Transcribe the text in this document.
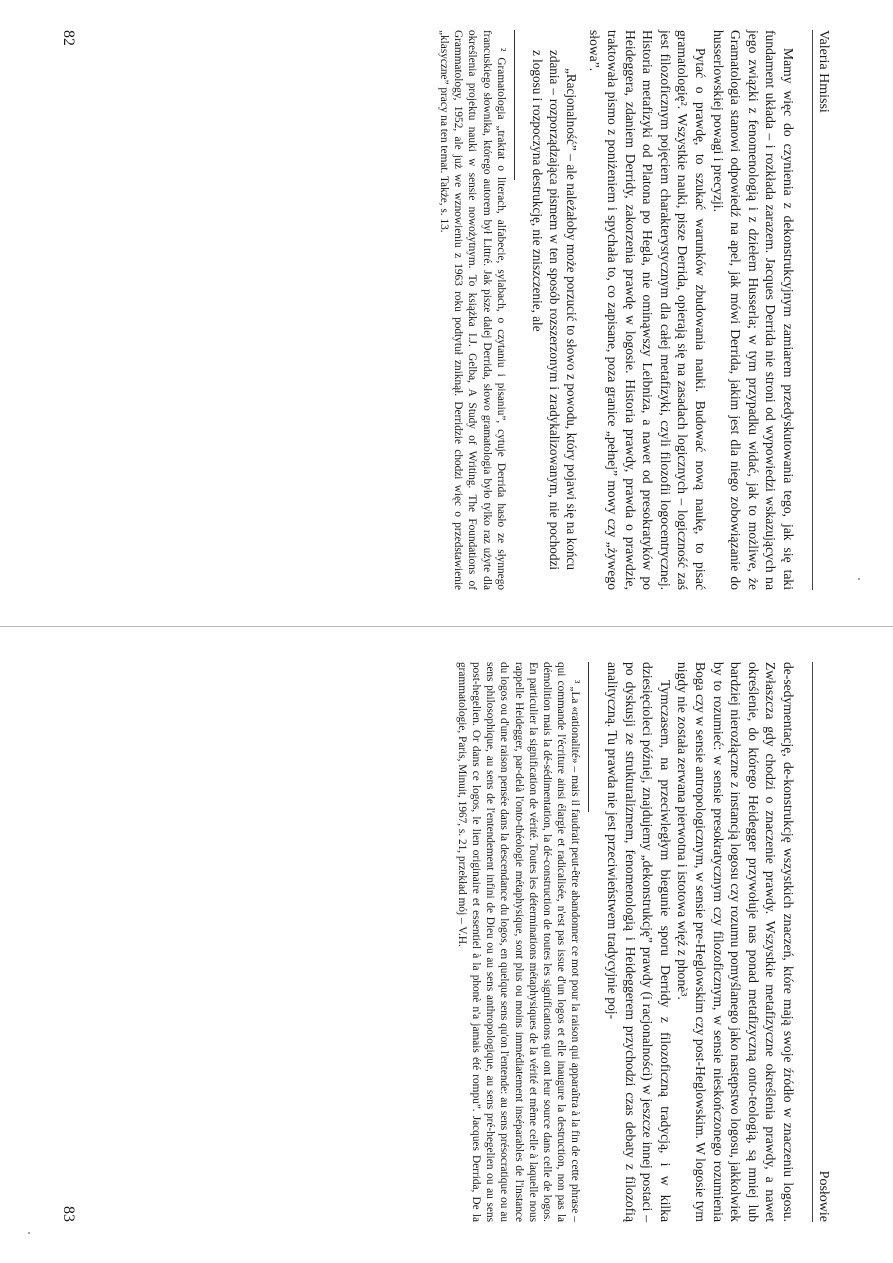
Valeria Hmissi

Mamy więc do czynienia z dekonstrukcyjnym zamiarem przedyskutowania tego, jak się taki fundament układa – i rozkłada zarazem. Jacques Derrida nie stroni od wypowiedzi wskazujących na jego związki z fenomenologią i z dziełem Husserla; w tym przypadku widać, jak to możliwe, że Gramatologia stanowi odpowiedź na apel, jak mówi Derrida, jakim jest dla niego zobowiązanie do husserlowskiej powagi i precyzji.

Pytać o prawdę, to szukać warunków zbudowania nauki. Budować nową naukę, to pisać gramatologię². Wszystkie nauki, pisze Derrida, opierają się na zasadach logicznych – logiczność zaś jest filozoficznym pojęciem charakterystycznym dla całej metafizyki, czyli filozofii logocentrycznej. Historia metafizyki od Platona po Hegla, nie ominąwszy Leibniza, a nawet od presokratyków po Heideggera, zdaniem Derridy, zakorzenia prawdę w logosie. Historia prawdy, prawda o prawdzie, traktowała pismo z poniżeniem i spychała to, co zapisane, poza granice „pełnej” mowy czy „żywego słowa”.

„Racjonalność” – ale należałoby może porzucić to słowo z powodu, który pojawi się na końcu zdania – rozporządzająca pismem w ten sposób rozszerzonym i zradykalizowanym, nie pochodzi z logosu i rozpoczyna destrukcję, nie zniszczenie, ale

² Gramatologia „traktat o literach, alfabecie, sylabach, o czytaniu i pisaniu”, cytuje Derrida hasło ze słynnego francuskiego słownika, którego autorem był Littré. Jak pisze dalej Derrida, słowo gramatologia było tylko raz użyte dla określenia projektu nauki w sensie nowożytnym. To książka I.J. Gelba, A Study of Writing. The Foundations of Grammatology, 1952, ale już we wznowieniu z 1963 roku podtytuł zniknął. Derridzie chodzi więc o przedstawienie „klasyczne” pracy na ten temat. Także, s. 13.

82
Posłowie

de-sedymentację, de-konstrukcję wszystkich znaczeń, które mają swoje źródło w znaczeniu logosu. Zwłaszcza gdy chodzi o znaczenie prawdy. Wszystkie metafizyczne określenia prawdy, a nawet określenie, do którego Heidegger przywołuje nas ponad metafizyczną onto-teologią, są mniej lub bardziej nierozłączne z instancją logosu czy rozumu pomyślanego jako następstwo logosu, jakkolwiek by to rozumieć: w sensie presokratycznym czy filozoficznym, w sensie nieskończonego rozumienia Boga czy w sensie antropologicznym, w sensie pre-Heglowskim czy post-Heglowskim. W logosie tym nigdy nie została zerwana pierwotna i istotowa więź z phonè³.

Tymczasem, na przeciwległym biegunie sporu Derridy z filozoficzną tradycją, i w kilka dziesięcioleci później, znajdujemy „dekonstrukcję” prawdy (i racjonalności) w jeszcze innej postaci – po dyskusji ze strukturalizmem, fenomenologią i Heideggerem przychodzi czas debaty z filozofią analityczną. Tu prawda nie jest przeciwieństwem tradycyjnie poj-

³ „La «rationalité» – mais il faudrait peut-être abandonner ce mot pour la raison qui apparaîtra à la fin de cette phrase – qui commande l'écriture ainsi élargie et radicalisée, n'est pas issue d'un logos et elle inaugure la destruction, non pas la démolition mais la dé-sédimentation, la dé-construction de toutes les significations qui ont leur source dans celle de logos. En particulier la signification de vérité. Toutes les déterminations métaphysiques de la vérité et même celle à laquelle nous rappelle Heidegger, par-delà l'onto-théologie métaphysique, sont plus ou moins immédiatement inséparables de l'instance du logos ou d'une raison pensée dans la descendance du logos, en quelque sens qu'on l'entende: au sens présocratique ou au sens philosophique, au sens de l'entendement infini de Dieu ou au sens anthropologique, au sens pré-hegelien ou au sens post-hegelien. Or dans ce logos, le lien originaire et essentiel à la phonè n'a jamais été rompu”. Jacques Derrida, De la grammatologie, Paris, Minuit, 1967, s. 21, przekład mój – V.H.

83
